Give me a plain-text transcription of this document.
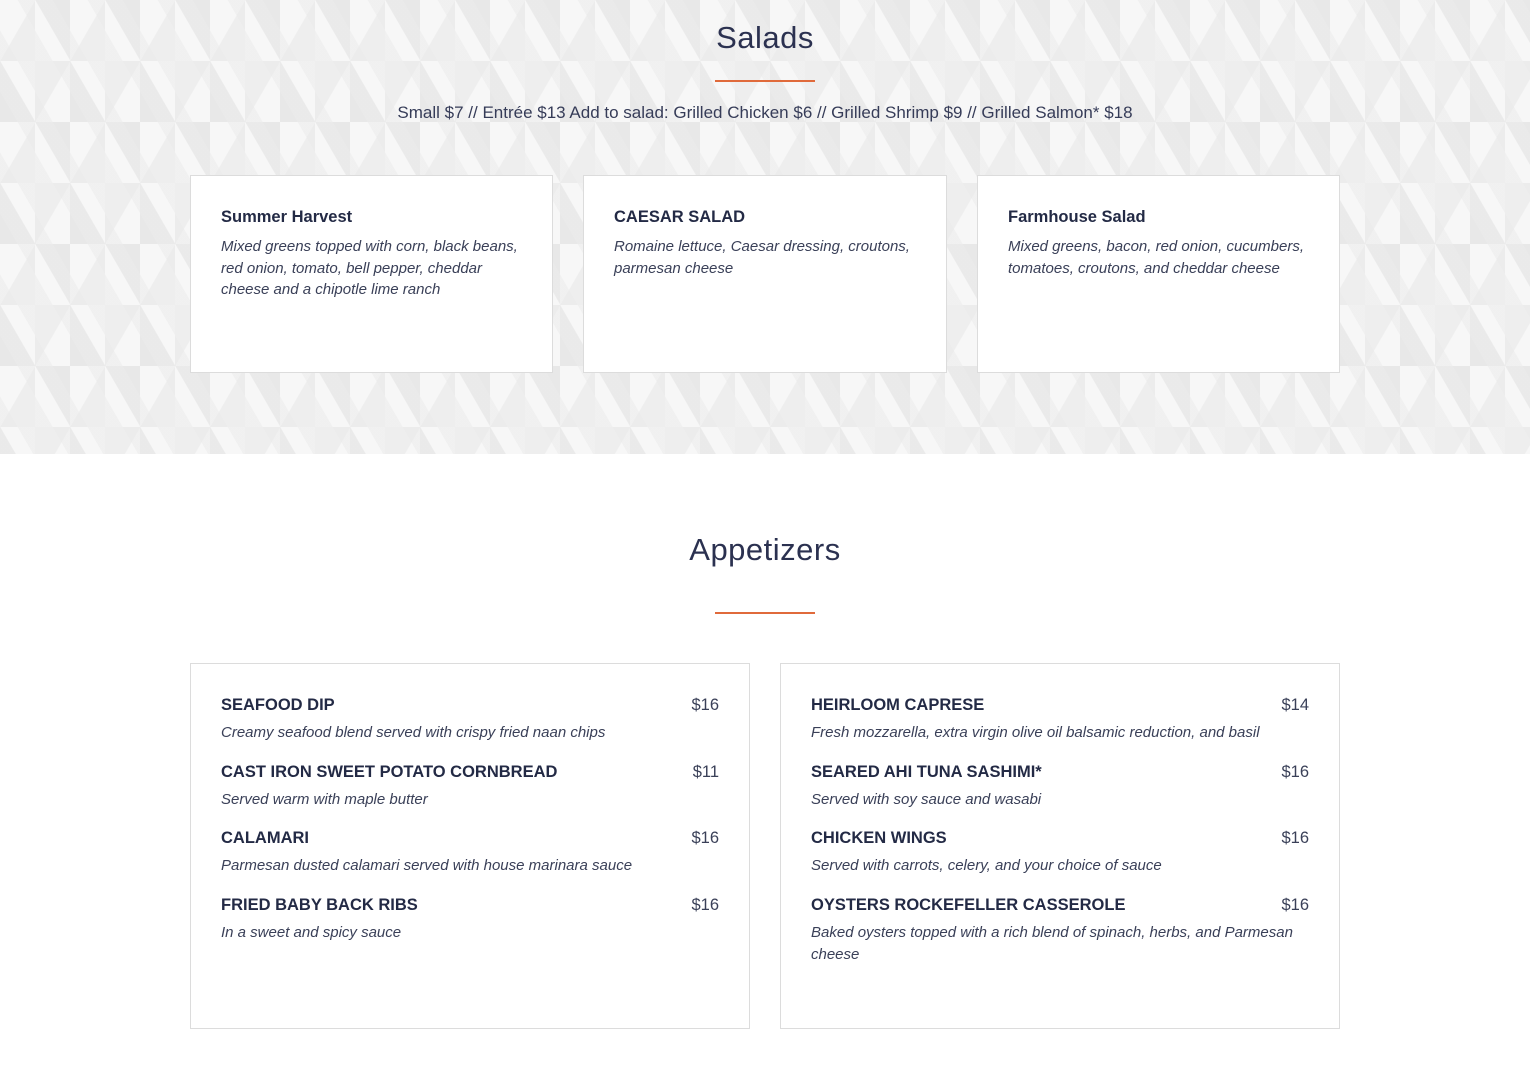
Salads

Small $7 // Entrée $13 Add to salad: Grilled Chicken $6 // Grilled Shrimp $9 // Grilled Salmon* $18

Summer Harvest
Mixed greens topped with corn, black beans, red onion, tomato, bell pepper, cheddar cheese and a chipotle lime ranch
CAESAR SALAD
Romaine lettuce, Caesar dressing, croutons, parmesan cheese
Farmhouse Salad
Mixed greens, bacon, red onion, cucumbers, tomatoes, croutons, and cheddar cheese
Appetizers
SEAFOOD DIP	$16
Creamy seafood blend served with crispy fried naan chips
CAST IRON SWEET POTATO CORNBREAD	$11
Served warm with maple butter
CALAMARI	$16
Parmesan dusted calamari served with house marinara sauce
FRIED BABY BACK RIBS	$16
In a sweet and spicy sauce
HEIRLOOM CAPRESE	$14
Fresh mozzarella, extra virgin olive oil balsamic reduction, and basil
SEARED AHI TUNA SASHIMI*	$16
Served with soy sauce and wasabi
CHICKEN WINGS	$16
Served with carrots, celery, and your choice of sauce
OYSTERS ROCKEFELLER CASSEROLE	$16
Baked oysters topped with a rich blend of spinach, herbs, and Parmesan cheese
